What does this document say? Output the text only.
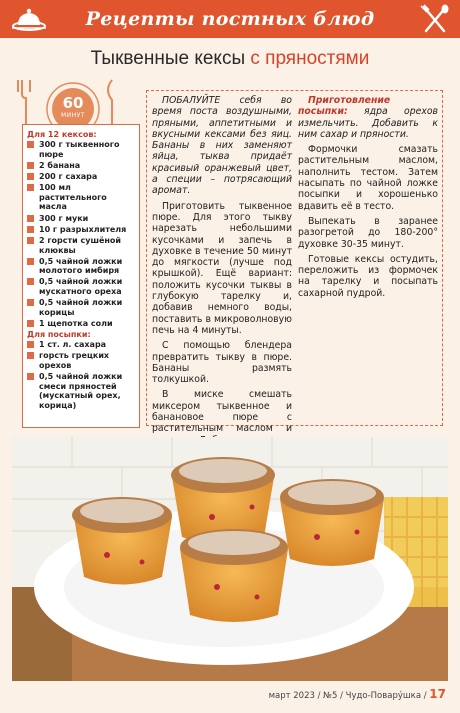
Рецепты постных блюд
Тыквенные кексы с пряностями
60
МИНУТ
Для 12 кексов:
300 г тыквенного пюре
2 банана
200 г сахара
100 мл растительного масла
300 г муки
10 г разрыхлителя
2 горсти сушёной клюквы
0,5 чайной ложки молотого имбиря
0,5 чайной ложки мускатного ореха
0,5 чайной ложки корицы
1 щепотка соли
Для посыпки:
1 ст. л. сахара
горсть грецких орехов
0,5 чайной ложки смеси пряностей (мускатный орех, корица)

ПОБАЛУЙТЕ себя во время поста воздушными, пряными, аппетитными и вкусными кексами без яиц. Бананы в них заменяют яйца, тыква придаёт красивый оранжевый цвет, а специи – потрясающий аромат.

Приготовить тыквенное пюре. Для этого тыкву нарезать небольшими кусочками и запечь в духовке в течение 50 минут до мягкости (лучше под крышкой). Ещё вариант: положить кусочки тыквы в глубокую тарелку и, добавив немного воды, поставить в микроволновую печь на 4 минуты.

С помощью блендера превратить тыкву в пюре. Бананы размять толкушкой.

В миске смешать миксером тыквенное и банановое пюре с растительным маслом и

Приготовление посыпки: ядра орехов измельчить. Добавить к ним сахар и пряности.

Формочки смазать растительным маслом, наполнить тестом. Затем насыпать по чайной ложке посыпки и хорошенько вдавить её в тесто.

Выпекать в заранее разогретой до 180-200° духовке 30-35 минут.

Готовые кексы остудить, переложить из формочек на тарелку и посыпать сахарной пудрой.

март 2023 / №5 / Чудо-Повару́шка / 17
